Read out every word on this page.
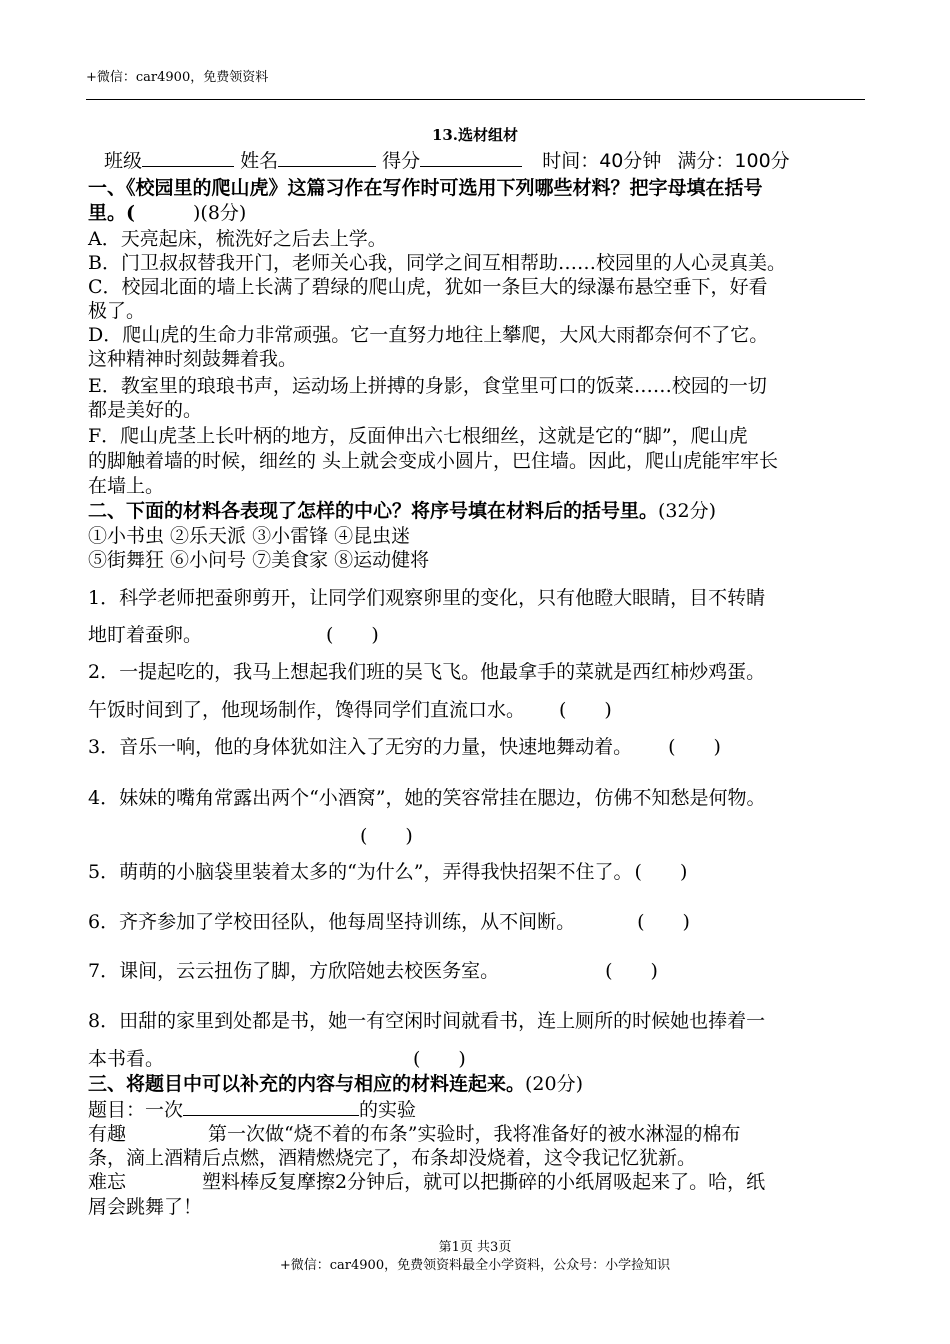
+微信：car4900，免费领资料
13.选材组材
班级	姓名	得分	时间：40分钟 满分：100分
一、《校园里的爬山虎》这篇习作在写作时可选用下列哪些材料？把字母填在括号
里。(	)(8分)
A．天亮起床，梳洗好之后去上学。
B．门卫叔叔替我开门，老师关心我，同学之间互相帮助……校园里的人心灵真美。
C．校园北面的墙上长满了碧绿的爬山虎，犹如一条巨大的绿瀑布悬空垂下，好看
极了。
D．爬山虎的生命力非常顽强。它一直努力地往上攀爬，大风大雨都奈何不了它。
这种精神时刻鼓舞着我。
E．教室里的琅琅书声，运动场上拼搏的身影，食堂里可口的饭菜……校园的一切
都是美好的。
F．爬山虎茎上长叶柄的地方，反面伸出六七根细丝，这就是它的“脚”，爬山虎
的脚触着墙的时候，细丝的 头上就会变成小圆片，巴住墙。因此，爬山虎能牢牢长
在墙上。
二、下面的材料各表现了怎样的中心？将序号填在材料后的括号里。(32分)
①小书虫 ②乐天派 ③小雷锋 ④昆虫迷
⑤街舞狂 ⑥小问号 ⑦美食家 ⑧运动健将
1．科学老师把蚕卵剪开，让同学们观察卵里的变化，只有他瞪大眼睛，目不转睛
地盯着蚕卵。	(　　)
2．一提起吃的，我马上想起我们班的吴飞飞。他最拿手的菜就是西红柿炒鸡蛋。
午饭时间到了，他现场制作，馋得同学们直流口水。 (　　)
3．音乐一响，他的身体犹如注入了无穷的力量，快速地舞动着。 (　　)
4．妹妹的嘴角常露出两个“小酒窝”，她的笑容常挂在腮边，仿佛不知愁是何物。
(　　)
5．萌萌的小脑袋里装着太多的“为什么”，弄得我快招架不住了。 (　　)
6．齐齐参加了学校田径队，他每周坚持训练，从不间断。	(　　)
7．课间，云云扭伤了脚，方欣陪她去校医务室。	(　　)
8．田甜的家里到处都是书，她一有空闲时间就看书，连上厕所的时候她也捧着一
本书看。	(　　)
三、将题目中可以补充的内容与相应的材料连起来。(20分)
题目：一次	的实验
有趣	第一次做“烧不着的布条”实验时，我将准备好的被水淋湿的棉布
条，滴上酒精后点燃，酒精燃烧完了，布条却没烧着，这令我记忆犹新。
难忘	塑料棒反复摩擦2分钟后，就可以把撕碎的小纸屑吸起来了。哈，纸
屑会跳舞了！
第1页 共3页
+微信：car4900，免费领资料最全小学资料，公众号：小学捡知识
